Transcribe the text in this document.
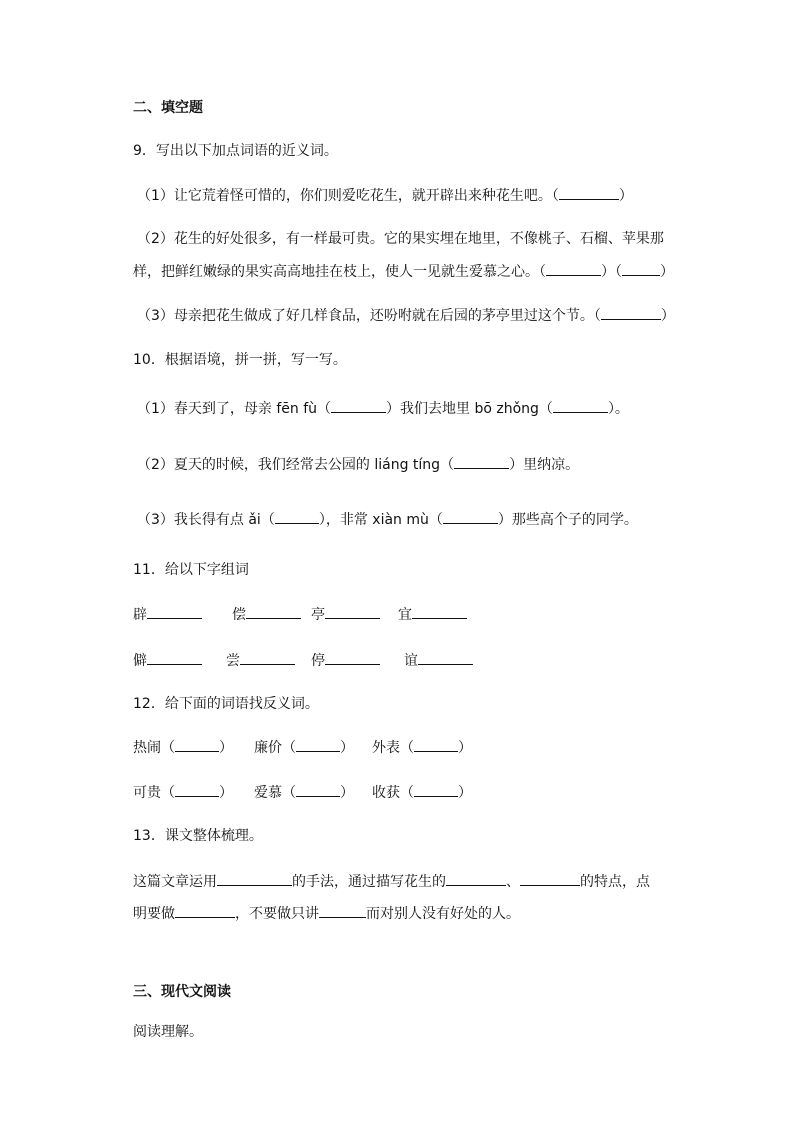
二、填空题
9．写出以下加点词语的近义词。
（1）让它荒着怪可惜的，你们则爱吃花生，就开辟出来种花生吧。（	）
（2）花生的好处很多，有一样最可贵。它的果实埋在地里，不像桃子、石榴、苹果那
样，把鲜红嫩绿的果实高高地挂在枝上，使人一见就生爱慕之心。（	）（	）
（3）母亲把花生做成了好几样食品，还吩咐就在后园的茅亭里过这个节。（	）
10．根据语境，拼一拼，写一写。
（1）春天到了，母亲 fēn fù（	）我们去地里 bō zhǒng（	）。
（2）夏天的时候，我们经常去公园的 liáng tíng（	）里纳凉。
（3）我长得有点 ǎi（	），非常 xiàn mù（	）那些高个子的同学。
11．给以下字组词
辟	偿	亭	宜
僻	尝	停	谊
12．给下面的词语找反义词。
热闹（	） 廉价（	） 外表（	）
可贵（	） 爱慕（	） 收获（	）
13．课文整体梳理。
这篇文章运用	的手法，通过描写花生的	、	的特点，点
明要做	，不要做只讲	而对别人没有好处的人。
三、现代文阅读
阅读理解。
